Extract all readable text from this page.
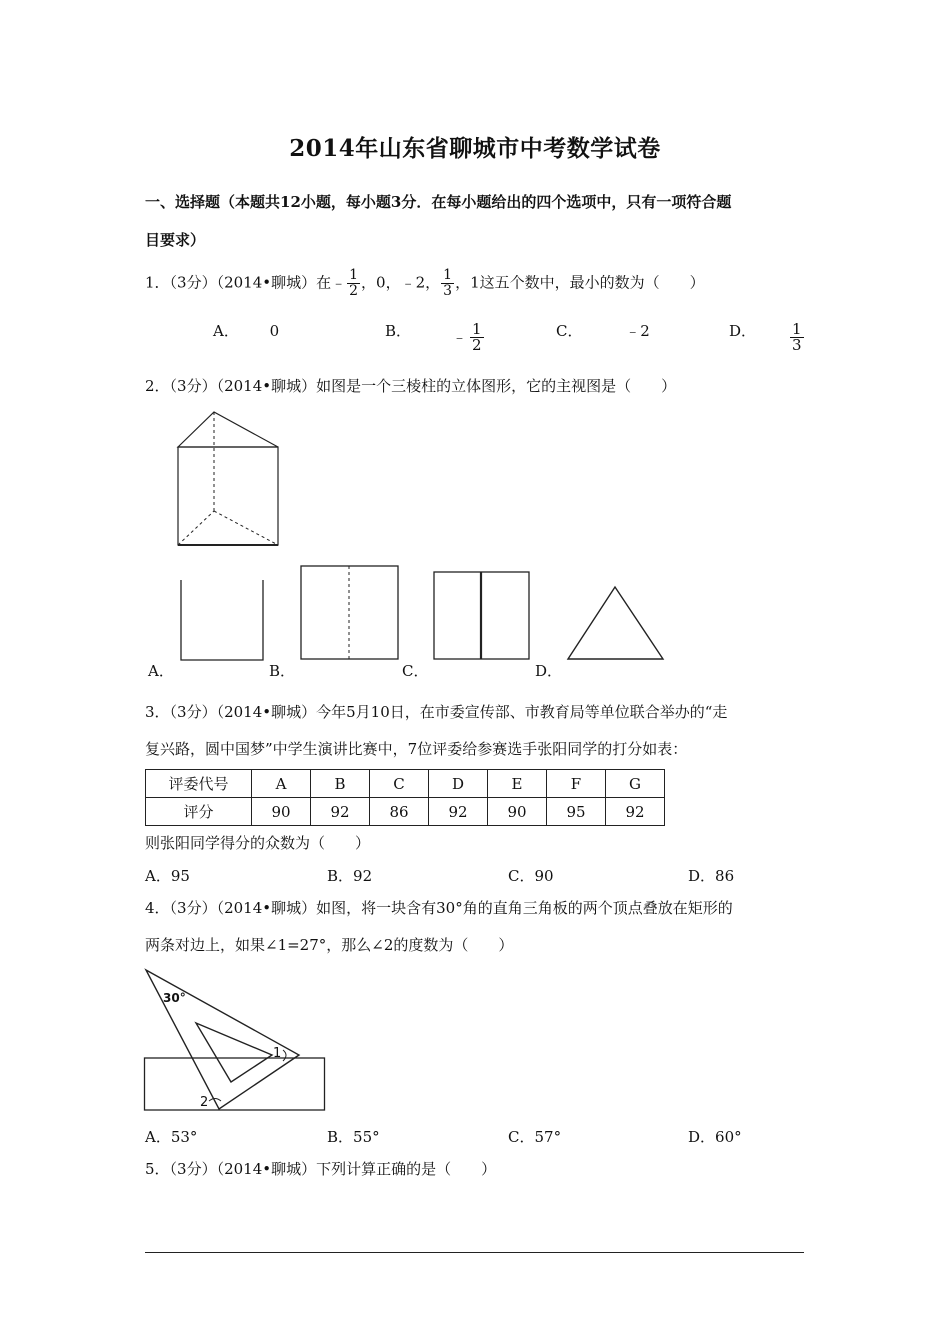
2014年山东省聊城市中考数学试卷
一、选择题（本题共12小题，每小题3分．在每小题给出的四个选项中，只有一项符合题
目要求）
1．（3分）（2014•聊城）在﹣ $\frac{1}{2}$ ，0，﹣2， $\frac{1}{3}$ ，1这五个数中，最小的数为（　　）
A． 0	B．	﹣ $\frac{1}{2}$	C．	﹣2	D． $\frac{1}{3}$
2．（3分）（2014•聊城）如图是一个三棱柱的立体图形，它的主视图是（　　）
A．	B．	C．	D．
3．（3分）（2014•聊城）今年5月10日，在市委宣传部、市教育局等单位联合举办的“走
复兴路，圆中国梦”中学生演讲比赛中，7位评委给参赛选手张阳同学的打分如表：
评委代号	A	B	C	D	E	F	G
评分	90	92	86	92	90	95	92
则张阳同学得分的众数为（　　）
A．95	B．92	C．90	D．86
4．（3分）（2014•聊城）如图，将一块含有30°角的直角三角板的两个顶点叠放在矩形的
两条对边上，如果∠1=27°，那么∠2的度数为（　　）
30°
1
2
A．53°	B．55°	C．57°	D．60°
5．（3分）（2014•聊城）下列计算正确的是（　　）
